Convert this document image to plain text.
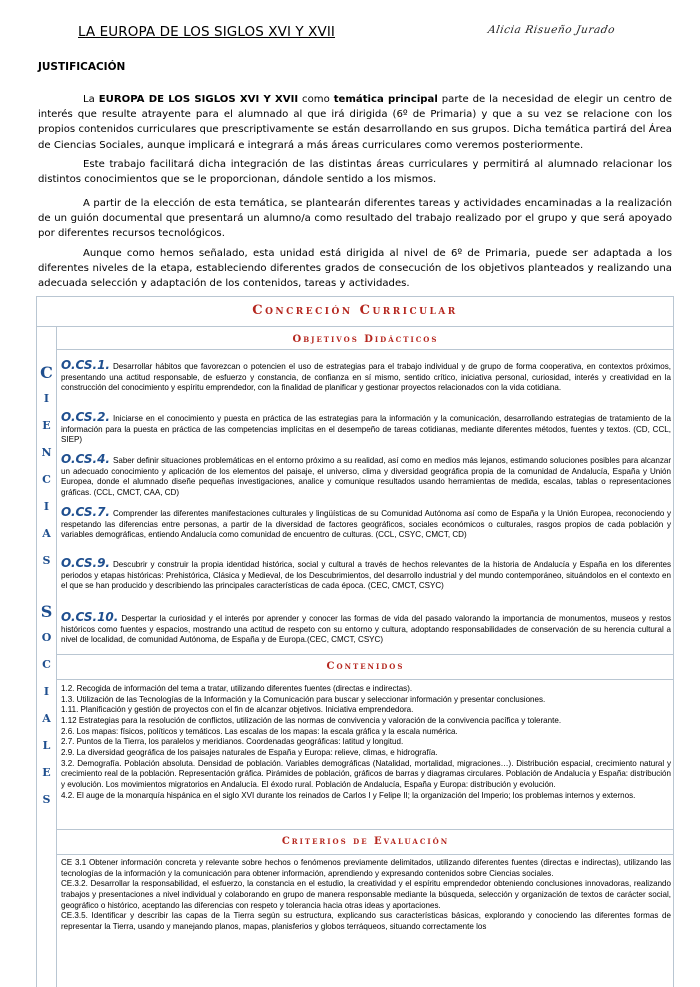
LA EUROPA DE LOS SIGLOS XVI Y XVII	Alicia Risueño Jurado
JUSTIFICACIÓN

La EUROPA DE LOS SIGLOS XVI Y XVII como temática principal parte de la necesidad de elegir un centro de interés que resulte atrayente para el alumnado al que irá dirigida (6º de Primaria) y que a su vez se relacione con los propios contenidos curriculares que prescriptivamente se están desarrollando en sus grupos. Dicha temática partirá del Área de Ciencias Sociales, aunque implicará e integrará a más áreas curriculares como veremos posteriormente.

Este trabajo facilitará dicha integración de las distintas áreas curriculares y permitirá al alumnado relacionar los distintos conocimientos que se le proporcionan, dándole sentido a los mismos.

A partir de la elección de esta temática, se plantearán diferentes tareas y actividades encaminadas a la realización de un guión documental que presentará un alumno/a como resultado del trabajo realizado por el grupo y que será apoyado por diferentes recursos tecnológicos.

Aunque como hemos señalado, esta unidad está dirigida al nivel de 6º de Primaria, puede ser adaptada a los diferentes niveles de la etapa, estableciendo diferentes grados de consecución de los objetivos planteados y realizando una adecuada selección y adaptación de los contenidos, tareas y actividades.

Concreción Curricular
C
I
E
N
C
I
A
S
S
O
C
I
A
L
E
S
Objetivos Didácticos

O.CS.1. Desarrollar hábitos que favorezcan o potencien el uso de estrategias para el trabajo individual y de grupo de forma cooperativa, en contextos próximos, presentando una actitud responsable, de esfuerzo y constancia, de confianza en sí mismo, sentido crítico, iniciativa personal, curiosidad, interés y creatividad en la construcción del conocimiento y espíritu emprendedor, con la finalidad de planificar y gestionar proyectos relacionados con la vida cotidiana.

O.CS.2. Iniciarse en el conocimiento y puesta en práctica de las estrategias para la información y la comunicación, desarrollando estrategias de tratamiento de la información para la puesta en práctica de las competencias implícitas en el desempeño de tareas cotidianas, mediante diferentes métodos, fuentes y textos. (CD, CCL, SIEP)

O.CS.4. Saber definir situaciones problemáticas en el entorno próximo a su realidad, así como en medios más lejanos, estimando soluciones posibles para alcanzar un adecuado conocimiento y aplicación de los elementos del paisaje, el universo, clima y diversidad geográfica propia de la comunidad de Andalucía, España y Unión Europea, donde el alumnado diseñe pequeñas investigaciones, analice y comunique resultados usando herramientas de medida, escalas, tablas o representaciones gráficas. (CCL, CMCT, CAA, CD)

O.CS.7. Comprender las diferentes manifestaciones culturales y lingüísticas de su Comunidad Autónoma así como de España y la Unión Europea, reconociendo y respetando las diferencias entre personas, a partir de la diversidad de factores geográficos, sociales económicos o culturales, rasgos propios de cada población y variables demográficas, entiendo Andalucía como comunidad de encuentro de culturas. (CCL, CSYC, CMCT, CD)

O.CS.9. Descubrir y construir la propia identidad histórica, social y cultural a través de hechos relevantes de la historia de Andalucía y España en los diferentes periodos y etapas históricas: Prehistórica, Clásica y Medieval, de los Descubrimientos, del desarrollo industrial y del mundo contemporáneo, situándolos en el contexto en el que se han producido y describiendo las principales características de cada época. (CEC, CMCT, CSYC)

O.CS.10. Despertar la curiosidad y el interés por aprender y conocer las formas de vida del pasado valorando la importancia de monumentos, museos y restos históricos como fuentes y espacios, mostrando una actitud de respeto con su entorno y cultura, adoptando responsabilidades de conservación de su herencia cultural a nivel de localidad, de comunidad Autónoma, de España y de Europa.(CEC, CMCT, CSYC)

Contenidos
1.2. Recogida de información del tema a tratar, utilizando diferentes fuentes (directas e indirectas).
1.3. Utilización de las Tecnologías de la Información y la Comunicación para buscar y seleccionar información y presentar conclusiones.
1.11. Planificación y gestión de proyectos con el fin de alcanzar objetivos. Iniciativa emprendedora.
1.12 Estrategias para la resolución de conflictos, utilización de las normas de convivencia y valoración de la convivencia pacífica y tolerante.
2.6. Los mapas: físicos, políticos y temáticos. Las escalas de los mapas: la escala gráfica y la escala numérica.
2.7. Puntos de la Tierra, los paralelos y meridianos. Coordenadas geográficas: latitud y longitud.
2.9. La diversidad geográfica de los paisajes naturales de España y Europa: relieve, climas, e hidrografía.
3.2. Demografía. Población absoluta. Densidad de población. Variables demográficas (Natalidad, mortalidad, migraciones…). Distribución espacial, crecimiento natural y crecimiento real de la población. Representación gráfica. Pirámides de población, gráficos de barras y diagramas circulares. Población de Andalucía y España: distribución y evolución. Los movimientos migratorios en Andalucía. El éxodo rural. Población de Andalucía, España y Europa: distribución y evolución.
4.2. El auge de la monarquía hispánica en el siglo XVI durante los reinados de Carlos I y Felipe II; la organización del Imperio; los problemas internos y externos.
Criterios de Evaluación
CE 3.1 Obtener información concreta y relevante sobre hechos o fenómenos previamente delimitados, utilizando diferentes fuentes (directas e indirectas), utilizando las tecnologías de la información y la comunicación para obtener información, aprendiendo y expresando contenidos sobre Ciencias sociales.
CE.3.2. Desarrollar la responsabilidad, el esfuerzo, la constancia en el estudio, la creatividad y el espíritu emprendedor obteniendo conclusiones innovadoras, realizando trabajos y presentaciones a nivel individual y colaborando en grupo de manera responsable mediante la búsqueda, selección y organización de textos de carácter social, geográfico o histórico, aceptando las diferencias con respeto y tolerancia hacia otras ideas y aportaciones.
CE.3.5. Identificar y describir las capas de la Tierra según su estructura, explicando sus características básicas, explorando y conociendo las diferentes formas de representar la Tierra, usando y manejando planos, mapas, planisferios y globos terráqueos, situando correctamente los
